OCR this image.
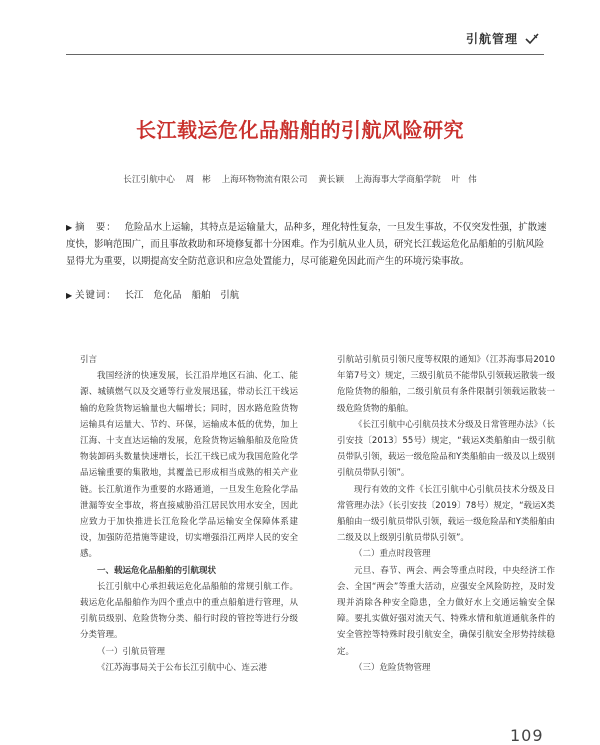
引航管理
长江载运危化品船舶的引航风险研究
长江引航中心 周 彬 上海环物物流有限公司 黄长颖 上海海事大学商船学院 叶 伟
▶ 摘　要： 危险品水上运输，其特点是运输量大，品种多，理化特性复杂，一旦发生事故，不仅突发性强，扩散速度快，影响范围广，而且事故救助和环境修复都十分困难。作为引航从业人员，研究长江载运危化品船舶的引航风险显得尤为重要，以期提高安全防范意识和应急处置能力，尽可能避免因此而产生的环境污染事故。
▶ 关键词： 长江 危化品 船舶 引航

引言

我国经济的快速发展，长江沿岸地区石油、化工、能源、城镇燃气以及交通等行业发展迅猛，带动长江干线运输的危险货物运输量也大幅增长；同时，因水路危险货物运输具有运量大、节约、环保，运输成本低的优势，加上江海、十支直达运输的发展，危险货物运输船舶及危险货物装卸码头数量快速增长，长江干线已成为我国危险化学品运输重要的集散地，其覆盖已形成相当成熟的相关产业链。长江航道作为重要的水路通道，一旦发生危险化学品泄漏等安全事故，将直接威胁沿江居民饮用水安全，因此应致力于加快推进长江危险化学品运输安全保障体系建设，加强防范措施等建设，切实增强沿江两岸人民的安全感。

一、载运危化品船舶的引航现状

长江引航中心承担载运危化品船舶的常规引航工作。载运危化品船舶作为四个重点中的重点船舶进行管理，从引航员级别、危险货物分类、船行时段的管控等进行分级分类管理。

（一）引航员管理

《江苏海事局关于公布长江引航中心、连云港

引航站引航员引领尺度等权限的通知》（江苏海事局2010年第7号文）规定，三级引航员不能带队引领载运散装一级危险货物的船舶，二级引航员有条件限制引领载运散装一级危险货物的船舶。

《长江引航中心引航员技术分级及日常管理办法》（长引安技〔2013〕55号）规定，“载运X类船舶由一级引航员带队引领，载运一级危险品和Y类船舶由一级及以上级别引航员带队引领”。

现行有效的文件《长江引航中心引航员技术分级及日常管理办法》（长引安技〔2019〕78号）规定，“载运X类船舶由一级引航员带队引领，载运一级危险品和Y类船舶由二级及以上级别引航员带队引领”。

（二）重点时段管理

元旦、春节、两会、两会等重点时段，中央经济工作会、全国“两会”等重大活动，应强安全风险防控，及时发现并消除各种安全隐患，全力做好水上交通运输安全保障。要扎实做好强对流天气、特殊水情和航道通航条件的安全管控等特殊时段引航安全，确保引航安全形势持续稳定。

（三）危险货物管理

109
